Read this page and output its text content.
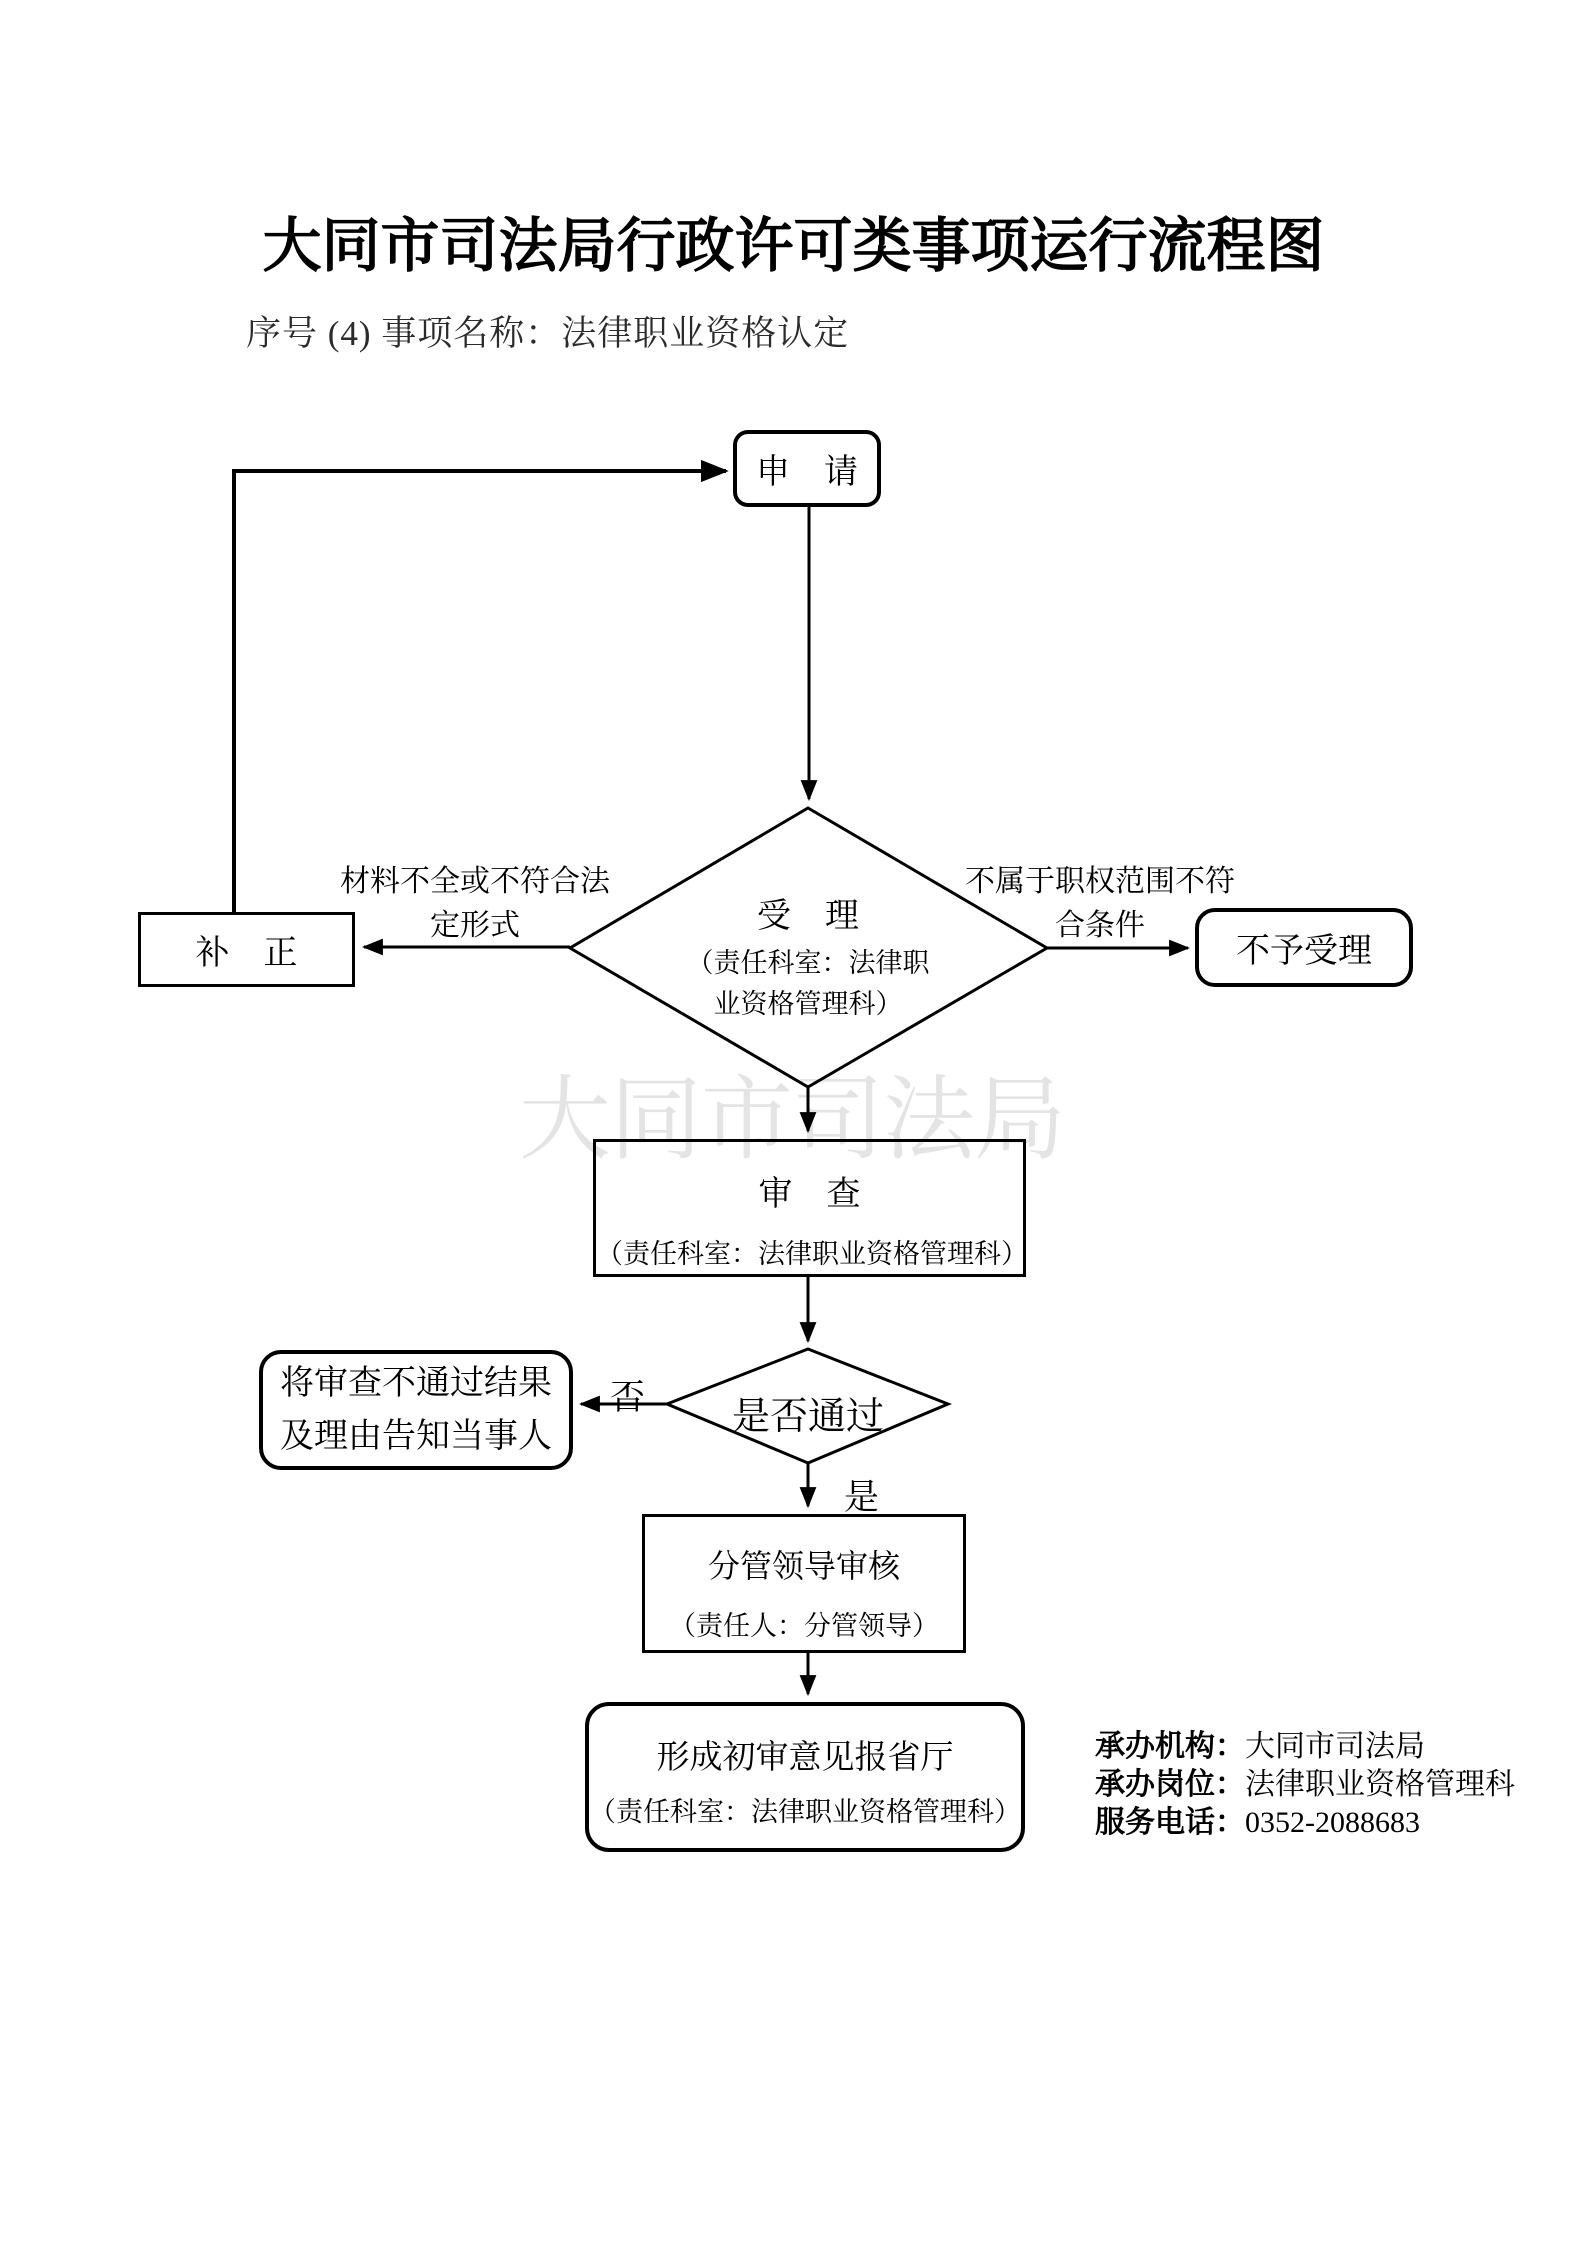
大同市司法局行政许可类事项运行流程图
序号 (4) 事项名称：法律职业资格认定
大同市司法局
申　请
受　理
（责任科室：法律职
业资格管理科）
补　正	不予受理
审　查
（责任科室：法律职业资格管理科）
是否通过
将审查不通过结果
及理由告知当事人
分管领导审核
（责任人：分管领导）
形成初审意见报省厅
（责任科室：法律职业资格管理科）
材料不全或不符合法
定形式
不属于职权范围不符
合条件
否
是
承办机构：大同市司法局
承办岗位：法律职业资格管理科
服务电话：0352-2088683
